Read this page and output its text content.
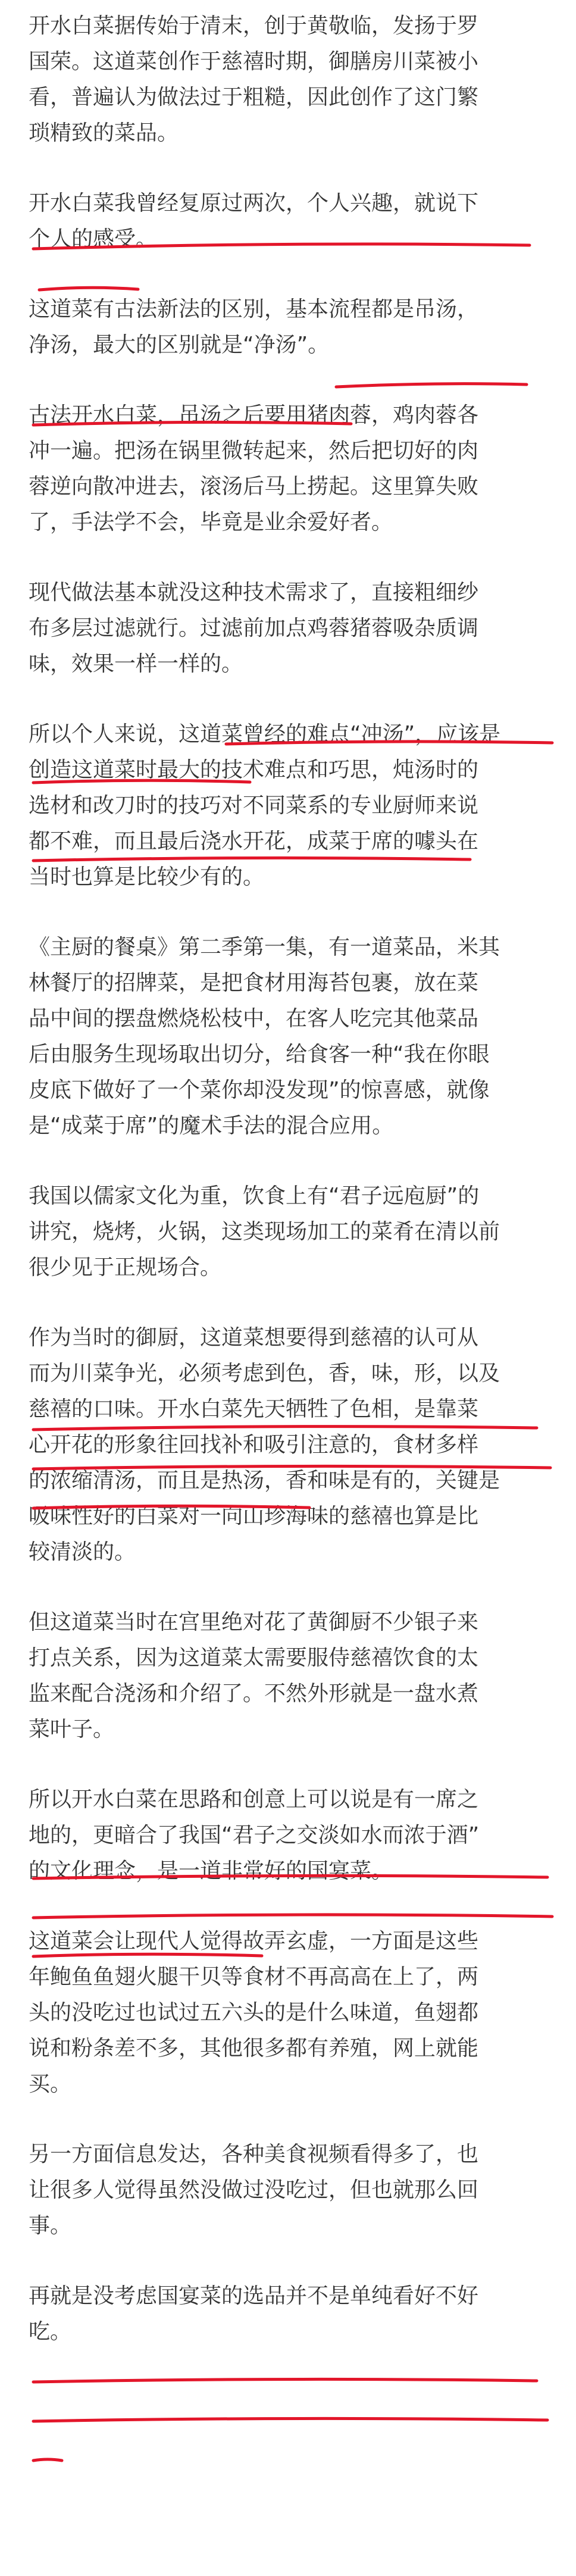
开水白菜据传始于清末，创于黄敬临，发扬于罗
国荣。这道菜创作于慈禧时期，御膳房川菜被小
看，普遍认为做法过于粗糙，因此创作了这门繁
琐精致的菜品。

开水白菜我曾经复原过两次，个人兴趣，就说下
个人的感受。

这道菜有古法新法的区别，基本流程都是吊汤，
净汤，最大的区别就是“净汤”。

古法开水白菜，吊汤之后要用猪肉蓉，鸡肉蓉各
冲一遍。把汤在锅里微转起来，然后把切好的肉
蓉逆向散冲进去，滚汤后马上捞起。这里算失败
了，手法学不会，毕竟是业余爱好者。

现代做法基本就没这种技术需求了，直接粗细纱
布多层过滤就行。过滤前加点鸡蓉猪蓉吸杂质调
味，效果一样一样的。

所以个人来说，这道菜曾经的难点“冲汤”，应该是
创造这道菜时最大的技术难点和巧思，炖汤时的
选材和改刀时的技巧对不同菜系的专业厨师来说
都不难，而且最后浇水开花，成菜于席的噱头在
当时也算是比较少有的。

《主厨的餐桌》第二季第一集，有一道菜品，米其
林餐厅的招牌菜，是把食材用海苔包裹，放在菜
品中间的摆盘燃烧松枝中，在客人吃完其他菜品
后由服务生现场取出切分，给食客一种“我在你眼
皮底下做好了一个菜你却没发现”的惊喜感，就像
是“成菜于席”的魔术手法的混合应用。

我国以儒家文化为重，饮食上有“君子远庖厨”的
讲究，烧烤，火锅，这类现场加工的菜肴在清以前
很少见于正规场合。

作为当时的御厨，这道菜想要得到慈禧的认可从
而为川菜争光，必须考虑到色，香，味，形，以及
慈禧的口味。开水白菜先天牺牲了色相，是靠菜
心开花的形象往回找补和吸引注意的，食材多样
的浓缩清汤，而且是热汤，香和味是有的，关键是
吸味性好的白菜对一向山珍海味的慈禧也算是比
较清淡的。

但这道菜当时在宫里绝对花了黄御厨不少银子来
打点关系，因为这道菜太需要服侍慈禧饮食的太
监来配合浇汤和介绍了。不然外形就是一盘水煮
菜叶子。

所以开水白菜在思路和创意上可以说是有一席之
地的，更暗合了我国“君子之交淡如水而浓于酒”
的文化理念，是一道非常好的国宴菜。

这道菜会让现代人觉得故弄玄虚，一方面是这些
年鲍鱼鱼翅火腿干贝等食材不再高高在上了，两
头的没吃过也试过五六头的是什么味道，鱼翅都
说和粉条差不多，其他很多都有养殖，网上就能
买。

另一方面信息发达，各种美食视频看得多了，也
让很多人觉得虽然没做过没吃过，但也就那么回
事。

再就是没考虑国宴菜的选品并不是单纯看好不好
吃。
